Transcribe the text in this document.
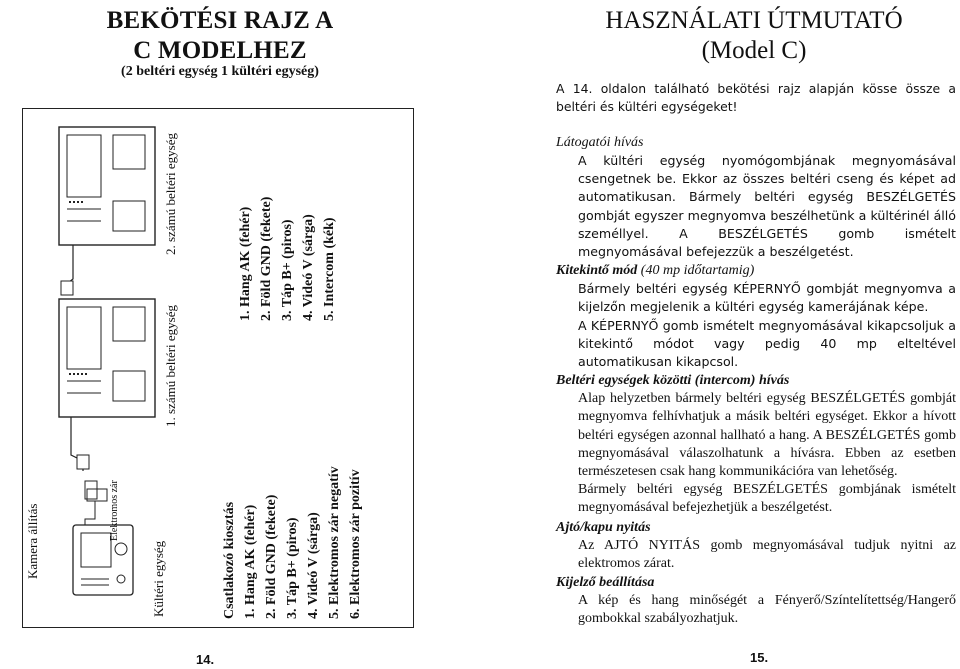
BEKÖTÉSI RAJZ A
C MODELHEZ
(2 beltéri egység 1 kültéri egység)
Kamera állítás	Kültéri egység
Elektromos zár
1. számú beltéri egység
2. számú beltéri egység
Csatlakozó kiosztás 1. Hang AK (fehér) 2. Föld GND (fekete) 3. Táp B+ (piros) 4. Videó V (sárga) 5. Elektromos zár negatív 6. Elektromos zár pozitív
1. Hang AK (fehér) 2. Föld GND (fekete) 3. Táp B+ (piros) 4. Videó V (sárga) 5. Intercom (kék)
14.
HASZNÁLATI ÚTMUTATÓ
(Model C)
A 14. oldalon található bekötési rajz alapján kösse össze a beltéri és kültéri egységeket!
Látogatói hívás
A kültéri egység nyomógombjának megnyomásával csengetnek be. Ekkor az összes beltéri cseng és képet ad automatikusan. Bármely beltéri egység BESZÉLGETÉS gombját egyszer megnyomva beszélhetünk a kültérinél álló személlyel. A BESZÉLGETÉS gomb ismételt megnyomásával befejezzük a beszélgetést.
Kitekintő mód (40 mp időtartamig)
Bármely beltéri egység KÉPERNYŐ gombját megnyomva a kijelzőn megjelenik a kültéri egység kamerájának képe.
A KÉPERNYŐ gomb ismételt megnyomásával kikapcsoljuk a kitekintő módot vagy pedig 40 mp elteltével automatikusan kikapcsol.
Beltéri egységek közötti (intercom) hívás
Alap helyzetben bármely beltéri egység BESZÉLGETÉS gombját megnyomva felhívhatjuk a másik beltéri egységet. Ekkor a hívott beltéri egységen azonnal hallható a hang. A BESZÉLGETÉS gomb megnyomásával válaszolhatunk a hívásra. Ebben az esetben természetesen csak hang kommunikációra van lehetőség.
Bármely beltéri egység BESZÉLGETÉS gombjának ismételt megnyomásával befejezhetjük a beszélgetést.
Ajtó/kapu nyitás
Az AJTÓ NYITÁS gomb megnyomásával tudjuk nyitni az elektromos zárat.
Kijelző beállítása
A kép és hang minőségét a Fényerő/Színtelítettség/Hangerő gombokkal szabályozhatjuk.
15.
